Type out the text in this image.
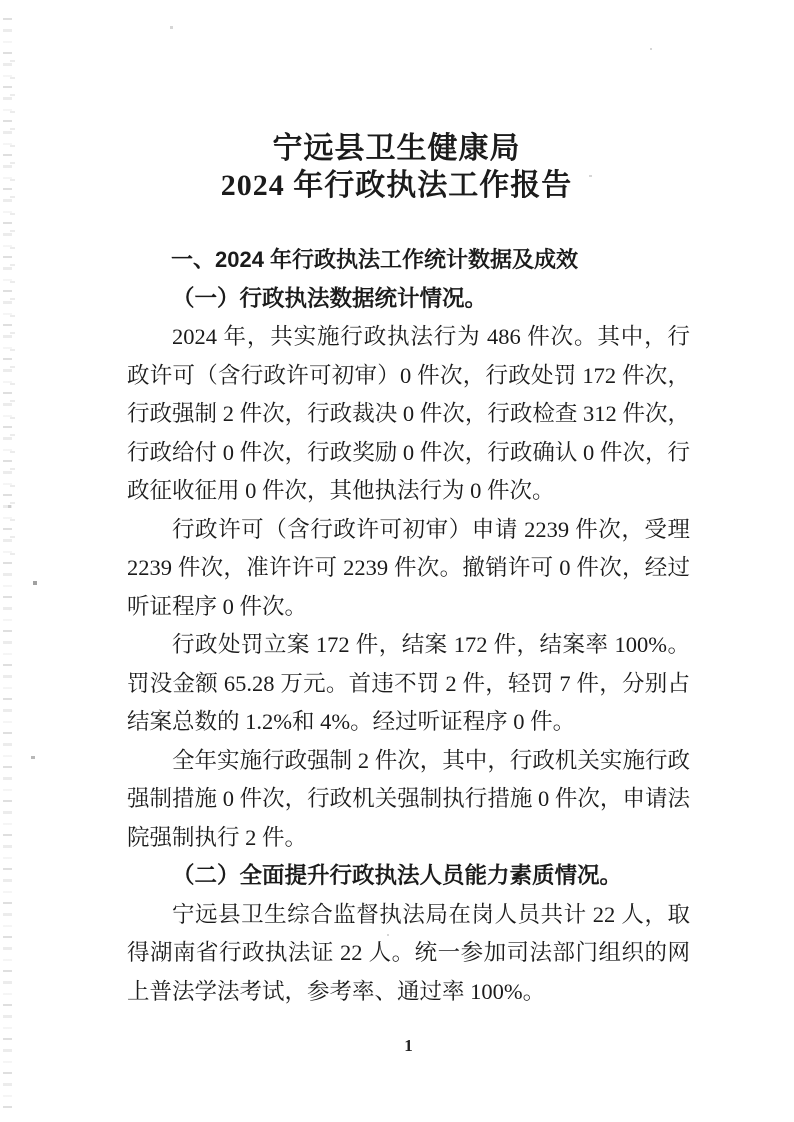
宁远县卫生健康局
2024 年行政执法工作报告

一、2024 年行政执法工作统计数据及成效

（一）行政执法数据统计情况。

2024 年，共实施行政执法行为 486 件次。其中，行政许可（含行政许可初审）0 件次，行政处罚 172 件次，行政强制 2 件次，行政裁决 0 件次，行政检查 312 件次，行政给付 0 件次，行政奖励 0 件次，行政确认 0 件次，行政征收征用 0 件次，其他执法行为 0 件次。

行政许可（含行政许可初审）申请 2239 件次，受理 2239 件次，准许许可 2239 件次。撤销许可 0 件次，经过听证程序 0 件次。

行政处罚立案 172 件，结案 172 件，结案率 100%。罚没金额 65.28 万元。首违不罚 2 件，轻罚 7 件，分别占结案总数的 1.2%和 4%。经过听证程序 0 件。

全年实施行政强制 2 件次，其中，行政机关实施行政强制措施 0 件次，行政机关强制执行措施 0 件次，申请法院强制执行 2 件。

（二）全面提升行政执法人员能力素质情况。

宁远县卫生综合监督执法局在岗人员共计 22 人，取得湖南省行政执法证 22 人。统一参加司法部门组织的网上普法学法考试，参考率、通过率 100%。

1
